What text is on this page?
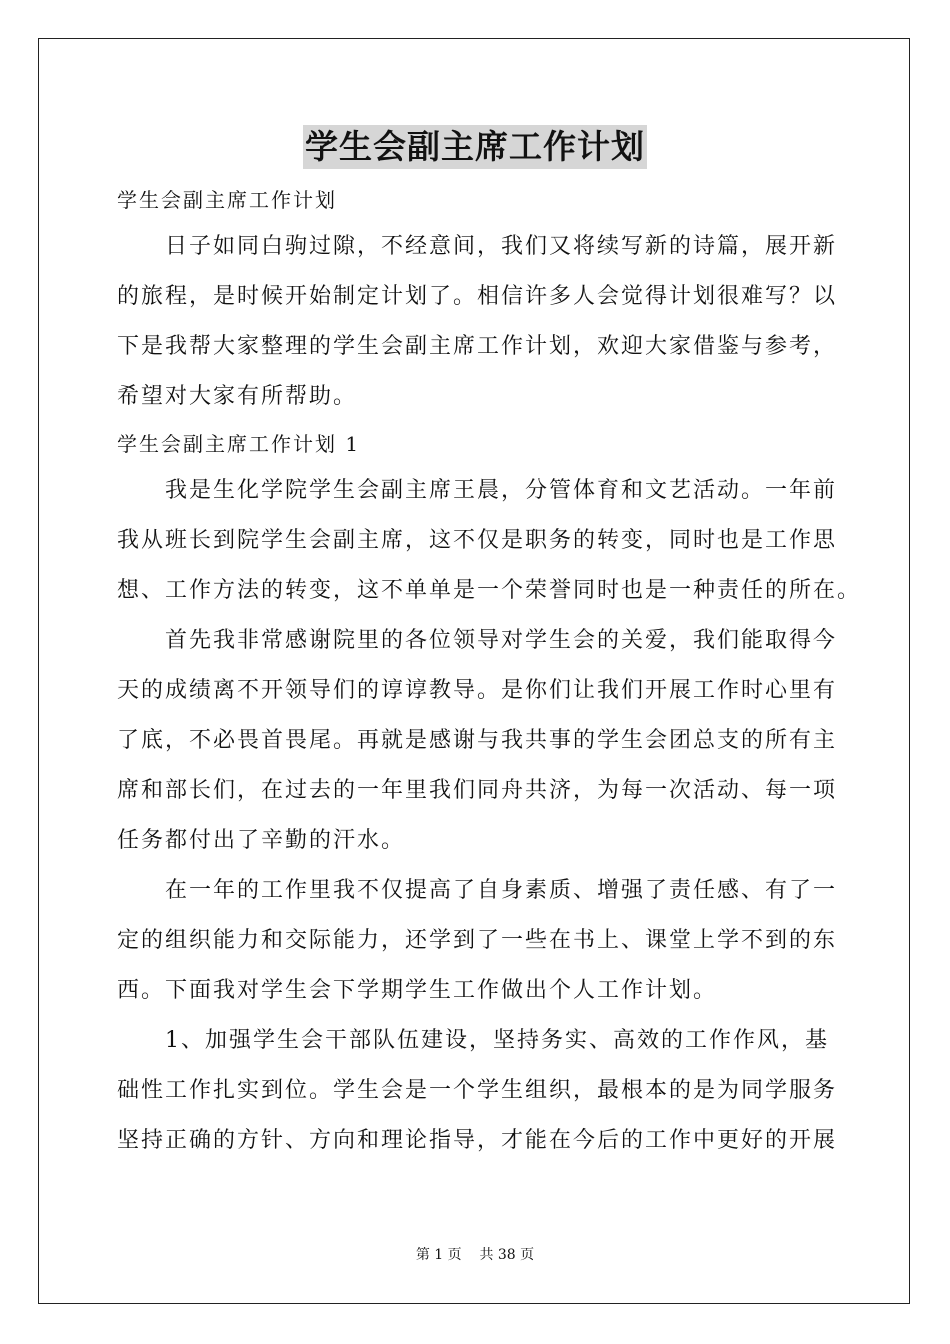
学生会副主席工作计划

学生会副主席工作计划

日子如同白驹过隙，不经意间，我们又将续写新的诗篇，展开新

的旅程，是时候开始制定计划了。相信许多人会觉得计划很难写？以

下是我帮大家整理的学生会副主席工作计划，欢迎大家借鉴与参考，

希望对大家有所帮助。

学生会副主席工作计划 1

我是生化学院学生会副主席王晨，分管体育和文艺活动。一年前

我从班长到院学生会副主席，这不仅是职务的转变，同时也是工作思

想、工作方法的转变，这不单单是一个荣誉同时也是一种责任的所在。

首先我非常感谢院里的各位领导对学生会的关爱，我们能取得今

天的成绩离不开领导们的谆谆教导。是你们让我们开展工作时心里有

了底，不必畏首畏尾。再就是感谢与我共事的学生会团总支的所有主

席和部长们，在过去的一年里我们同舟共济，为每一次活动、每一项

任务都付出了辛勤的汗水。

在一年的工作里我不仅提高了自身素质、增强了责任感、有了一

定的组织能力和交际能力，还学到了一些在书上、课堂上学不到的东

西。下面我对学生会下学期学生工作做出个人工作计划。

1、加强学生会干部队伍建设，坚持务实、高效的工作作风，基

础性工作扎实到位。学生会是一个学生组织，最根本的是为同学服务

坚持正确的方针、方向和理论指导，才能在今后的工作中更好的开展

第 1 页 共 38 页
